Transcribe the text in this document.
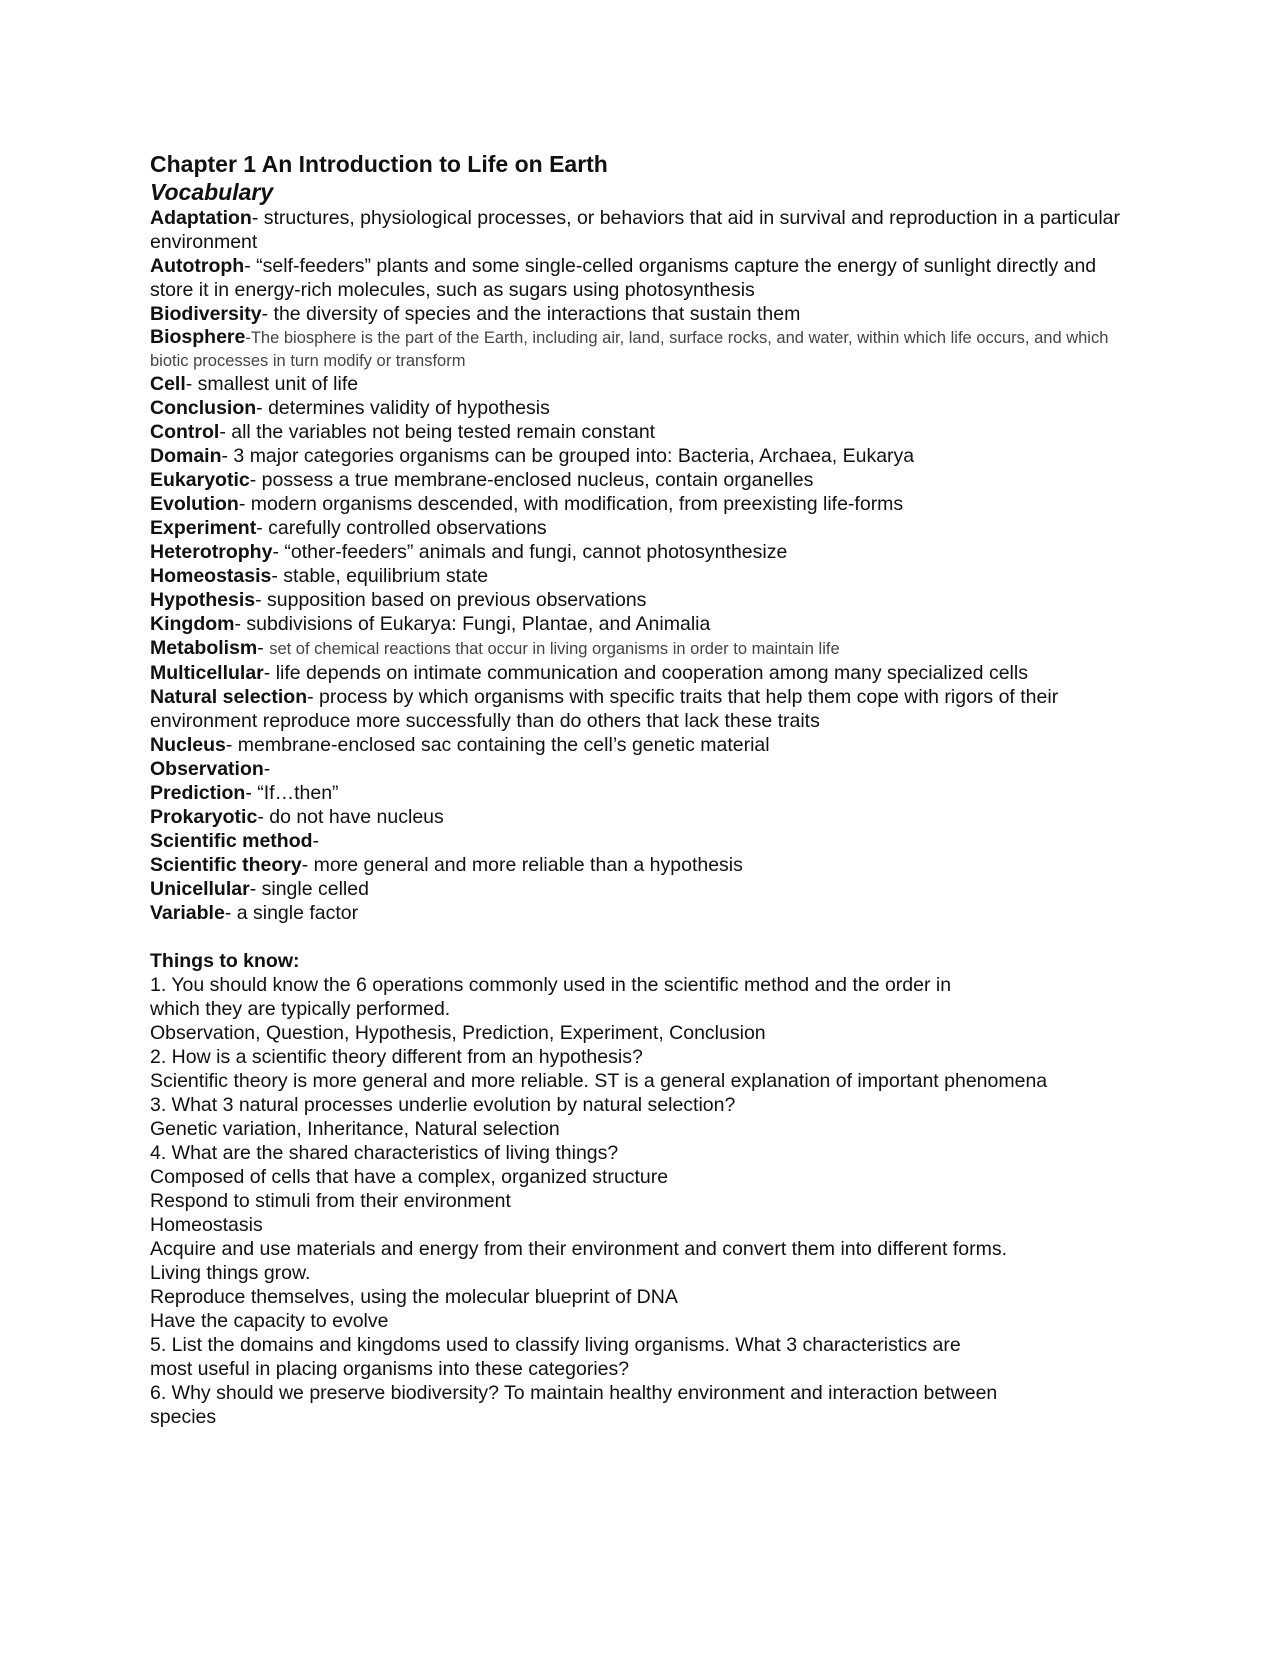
Chapter 1 An Introduction to Life on Earth

Vocabulary

Adaptation- structures, physiological processes, or behaviors that aid in survival and reproduction in a particular environment

Autotroph- “self-feeders” plants and some single-celled organisms capture the energy of sunlight directly and store it in energy-rich molecules, such as sugars using photosynthesis

Biodiversity- the diversity of species and the interactions that sustain them

Biosphere-The biosphere is the part of the Earth, including air, land, surface rocks, and water, within which life occurs, and which biotic processes in turn modify or transform

Cell- smallest unit of life

Conclusion- determines validity of hypothesis

Control- all the variables not being tested remain constant

Domain- 3 major categories organisms can be grouped into: Bacteria, Archaea, Eukarya

Eukaryotic- possess a true membrane-enclosed nucleus, contain organelles

Evolution- modern organisms descended, with modification, from preexisting life-forms

Experiment- carefully controlled observations

Heterotrophy- “other-feeders” animals and fungi, cannot photosynthesize

Homeostasis- stable, equilibrium state

Hypothesis- supposition based on previous observations

Kingdom- subdivisions of Eukarya: Fungi, Plantae, and Animalia

Metabolism- set of chemical reactions that occur in living organisms in order to maintain life

Multicellular- life depends on intimate communication and cooperation among many specialized cells

Natural selection- process by which organisms with specific traits that help them cope with rigors of their environment reproduce more successfully than do others that lack these traits

Nucleus- membrane-enclosed sac containing the cell’s genetic material

Observation-

Prediction- “If…then”

Prokaryotic- do not have nucleus

Scientific method-

Scientific theory- more general and more reliable than a hypothesis

Unicellular- single celled

Variable- a single factor

Things to know:

1. You should know the 6 operations commonly used in the scientific method and the order in

which they are typically performed.

Observation, Question, Hypothesis, Prediction, Experiment, Conclusion

2. How is a scientific theory different from an hypothesis?

Scientific theory is more general and more reliable. ST is a general explanation of important phenomena

3. What 3 natural processes underlie evolution by natural selection?

Genetic variation, Inheritance, Natural selection

4. What are the shared characteristics of living things?

Composed of cells that have a complex, organized structure

Respond to stimuli from their environment

Homeostasis

Acquire and use materials and energy from their environment and convert them into different forms.

Living things grow.

Reproduce themselves, using the molecular blueprint of DNA

Have the capacity to evolve

5. List the domains and kingdoms used to classify living organisms. What 3 characteristics are

most useful in placing organisms into these categories?

6. Why should we preserve biodiversity? To maintain healthy environment and interaction between

species
